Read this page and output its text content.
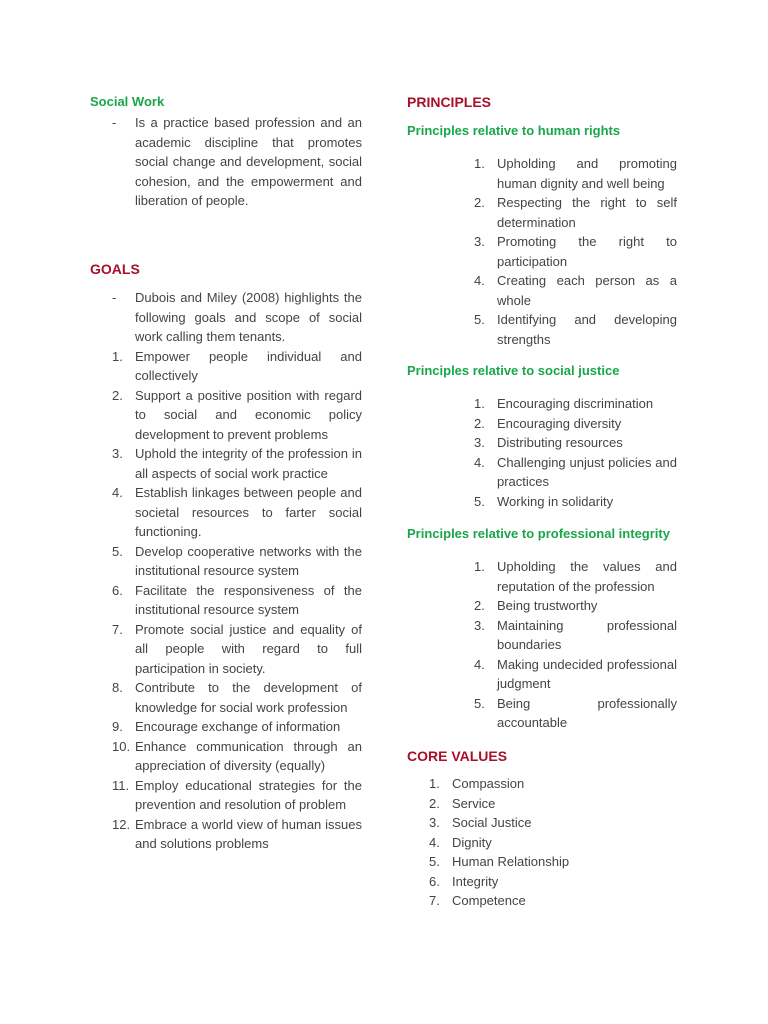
Social Work
- Is a practice based profession and an academic discipline that promotes social change and development, social cohesion, and the empowerment and liberation of people.
GOALS
- Dubois and Miley (2008) highlights the following goals and scope of social work calling them tenants.
1. Empower people individual and collectively
2. Support a positive position with regard to social and economic policy development to prevent problems
3. Uphold the integrity of the profession in all aspects of social work practice
4. Establish linkages between people and societal resources to farter social functioning.
5. Develop cooperative networks with the institutional resource system
6. Facilitate the responsiveness of the institutional resource system
7. Promote social justice and equality of all people with regard to full participation in society.
8. Contribute to the development of knowledge for social work profession
9. Encourage exchange of information
10. Enhance communication through an appreciation of diversity (equally)
11. Employ educational strategies for the prevention and resolution of problem
12. Embrace a world view of human issues and solutions problems
PRINCIPLES
Principles relative to human rights
1. Upholding and promoting human dignity and well being
2. Respecting the right to self determination
3. Promoting the right to participation
4. Creating each person as a whole
5. Identifying and developing strengths
Principles relative to social justice
1. Encouraging discrimination
2. Encouraging diversity
3. Distributing resources
4. Challenging unjust policies and practices
5. Working in solidarity
Principles relative to professional integrity
1. Upholding the values and reputation of the profession
2. Being trustworthy
3. Maintaining professional boundaries
4. Making undecided professional judgment
5. Being professionally accountable
CORE VALUES
1. Compassion
2. Service
3. Social Justice
4. Dignity
5. Human Relationship
6. Integrity
7. Competence
